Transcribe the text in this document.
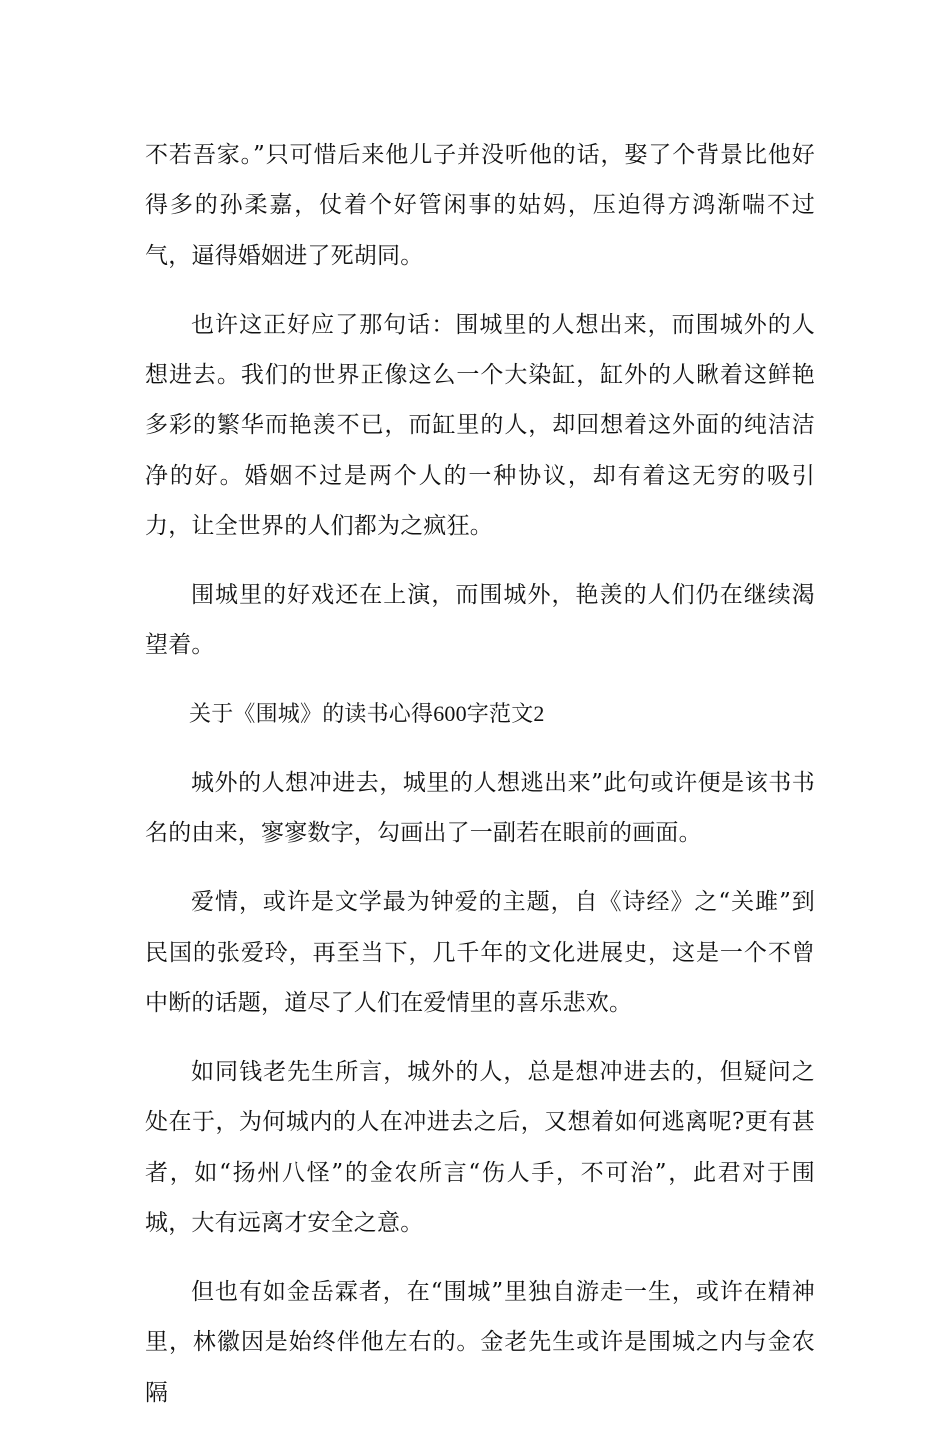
不若吾家。”只可惜后来他儿子并没听他的话，娶了个背景比他好得多的孙柔嘉，仗着个好管闲事的姑妈，压迫得方鸿渐喘不过气，逼得婚姻进了死胡同。

也许这正好应了那句话：围城里的人想出来，而围城外的人想进去。我们的世界正像这么一个大染缸，缸外的人瞅着这鲜艳多彩的繁华而艳羡不已，而缸里的人，却回想着这外面的纯洁洁净的好。婚姻不过是两个人的一种协议，却有着这无穷的吸引力，让全世界的人们都为之疯狂。

围城里的好戏还在上演，而围城外，艳羡的人们仍在继续渴望着。

关于《围城》的读书心得600字范文2

城外的人想冲进去，城里的人想逃出来”此句或许便是该书书名的由来，寥寥数字，勾画出了一副若在眼前的画面。

爱情，或许是文学最为钟爱的主题，自《诗经》之“关雎”到民国的张爱玲，再至当下，几千年的文化进展史，这是一个不曾中断的话题，道尽了人们在爱情里的喜乐悲欢。

如同钱老先生所言，城外的人，总是想冲进去的，但疑问之处在于，为何城内的人在冲进去之后，又想着如何逃离呢?更有甚者，如“扬州八怪”的金农所言“伤人手，不可治”，此君对于围城，大有远离才安全之意。

但也有如金岳霖者，在“围城”里独自游走一生，或许在精神里，林徽因是始终伴他左右的。金老先生或许是围城之内与金农隔
